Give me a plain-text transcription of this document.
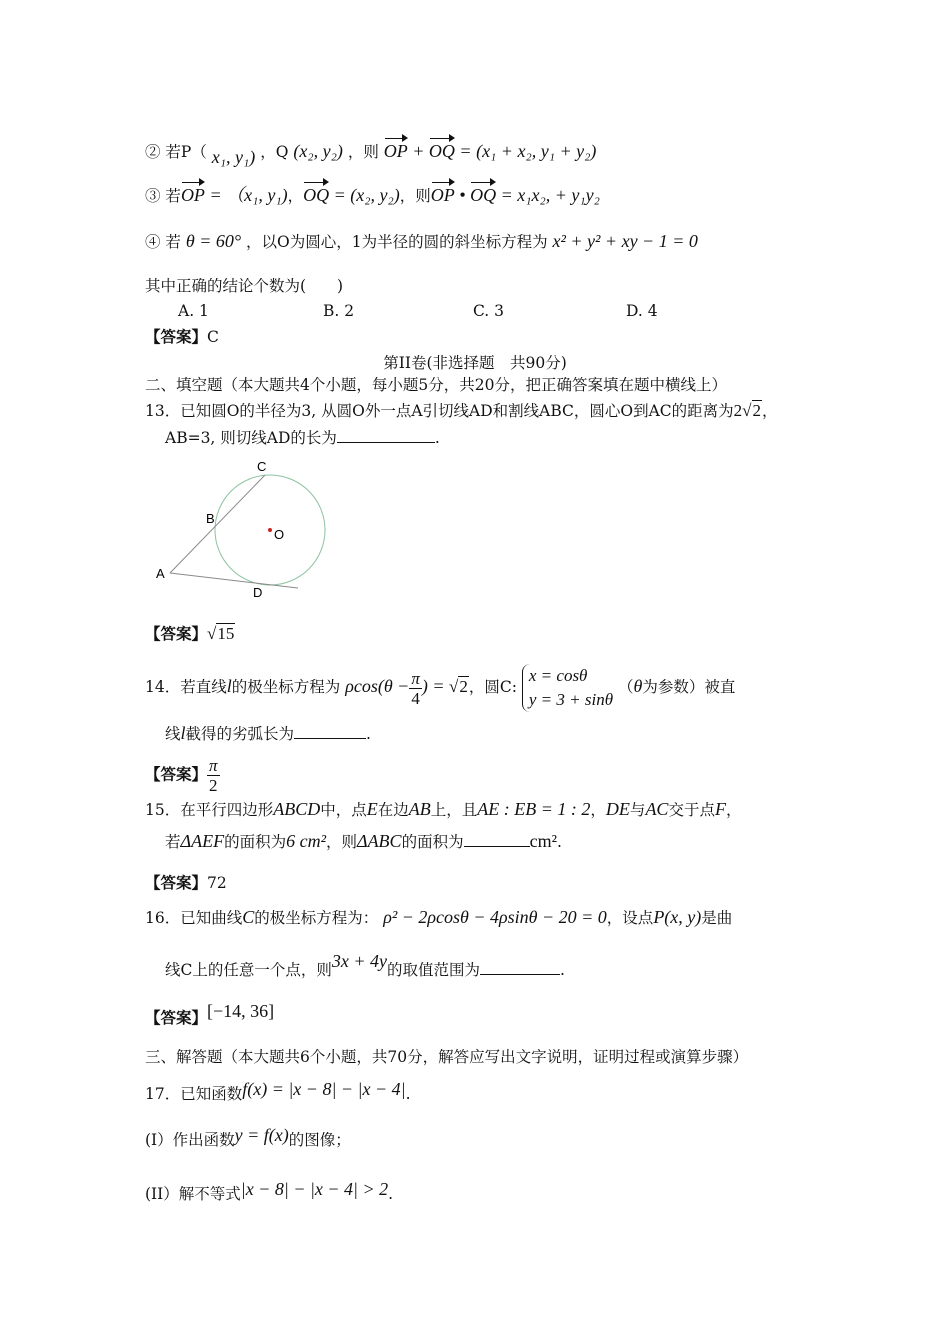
② 若P（ x₁, y₁) ，Q (x₂, y₂) ，则 OP + OQ = (x₁ + x₂, y₁ + y₂)
③ 若OP = （x₁, y₁)，OQ = (x₂, y₂)，则OP • OQ = x₁x₂, + y₁y₂
④ 若 θ = 60° ，以O为圆心，1为半径的圆的斜坐标方程为 x² + y² + xy − 1 = 0
其中正确的结论个数为(　　)
A. 1	B. 2	C. 3	D. 4
【答案】C
第II卷(非选择题　共90分)
二、填空题（本大题共4个小题，每小题5分，共20分，把正确答案填在题中横线上）
13．已知圆O的半径为3, 从圆O外一点A引切线AD和割线ABC，圆心O到AC的距离为2√2，
AB=3, 则切线AD的长为	.
C
B
O
A
D
【答案】√15
14．若直线l的极坐标方程为 $\rho\cos(\theta - \frac{\pi}{4}$ ) = √2，圆C: x = cosθ
y = 3 + sinθ （θ为参数）被直
线l截得的劣弧长为	.
【答案】 $\frac{\pi}{2}$
15．在平行四边形ABCD中，点E在边AB上，且AE : EB = 1 : 2，DE与AC交于点F，
若ΔAEF的面积为6 cm²，则ΔABC的面积为	cm².
【答案】72
16．已知曲线C的极坐标方程为： ρ² − 2ρcosθ − 4ρsinθ − 20 = 0，设点P(x, y)是曲
线C上的任意一个点，则3x + 4y的取值范围为	.
【答案】[−14, 36]
三、解答题（本大题共6个小题，共70分，解答应写出文字说明，证明过程或演算步骤）
17．已知函数f(x) = |x − 8| − |x − 4|.
(I）作出函数y = f(x)的图像；
(II）解不等式|x − 8| − |x − 4| > 2.
